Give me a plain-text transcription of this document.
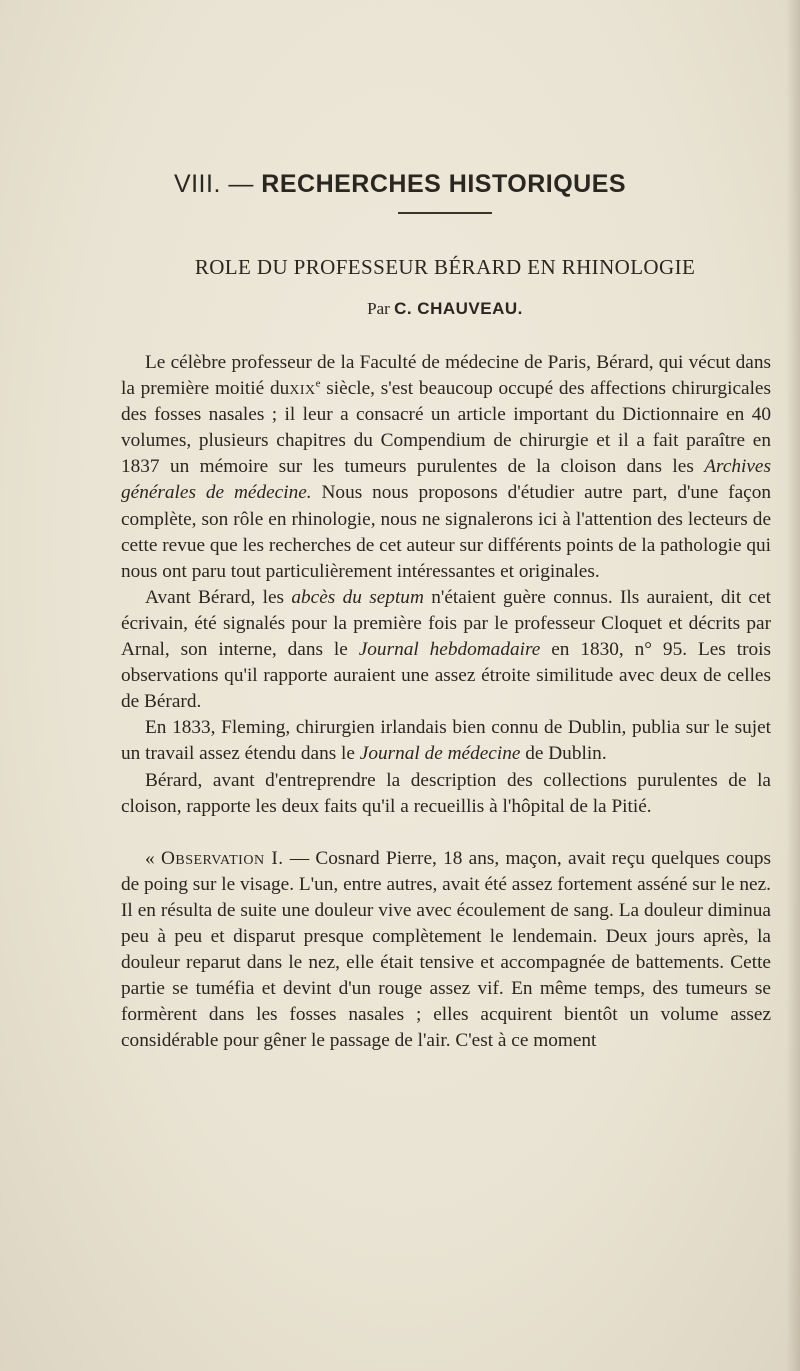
VIII. — RECHERCHES HISTORIQUES
ROLE DU PROFESSEUR BÉRARD EN RHINOLOGIE
Par C. CHAUVEAU.

Le célèbre professeur de la Faculté de médecine de Paris, Bérard, qui vécut dans la première moitié duxix$^e$ siècle, s'est beaucoup occupé des affections chirurgicales des fosses nasales ; il leur a consacré un article important du Dictionnaire en 40 volumes, plusieurs chapitres du Compendium de chirurgie et il a fait paraître en 1837 un mémoire sur les tumeurs purulentes de la cloison dans les Archives générales de médecine. Nous nous proposons d'étudier autre part, d'une façon complète, son rôle en rhinologie, nous ne signalerons ici à l'attention des lecteurs de cette revue que les recherches de cet auteur sur différents points de la pathologie qui nous ont paru tout particulièrement intéressantes et originales.

Avant Bérard, les abcès du septum n'étaient guère connus. Ils auraient, dit cet écrivain, été signalés pour la première fois par le professeur Cloquet et décrits par Arnal, son interne, dans le Journal hebdomadaire en 1830, n° 95. Les trois observations qu'il rapporte auraient une assez étroite similitude avec deux de celles de Bérard.

En 1833, Fleming, chirurgien irlandais bien connu de Dublin, publia sur le sujet un travail assez étendu dans le Journal de médecine de Dublin.

Bérard, avant d'entreprendre la description des collections purulentes de la cloison, rapporte les deux faits qu'il a recueillis à l'hôpital de la Pitié.

« Observation I. — Cosnard Pierre, 18 ans, maçon, avait reçu quelques coups de poing sur le visage. L'un, entre autres, avait été assez fortement asséné sur le nez. Il en résulta de suite une douleur vive avec écoulement de sang. La douleur diminua peu à peu et disparut presque complètement le lendemain. Deux jours après, la douleur reparut dans le nez, elle était tensive et accompagnée de battements. Cette partie se tuméfia et devint d'un rouge assez vif. En même temps, des tumeurs se formèrent dans les fosses nasales ; elles acquirent bientôt un volume assez considérable pour gêner le passage de l'air. C'est à ce moment
